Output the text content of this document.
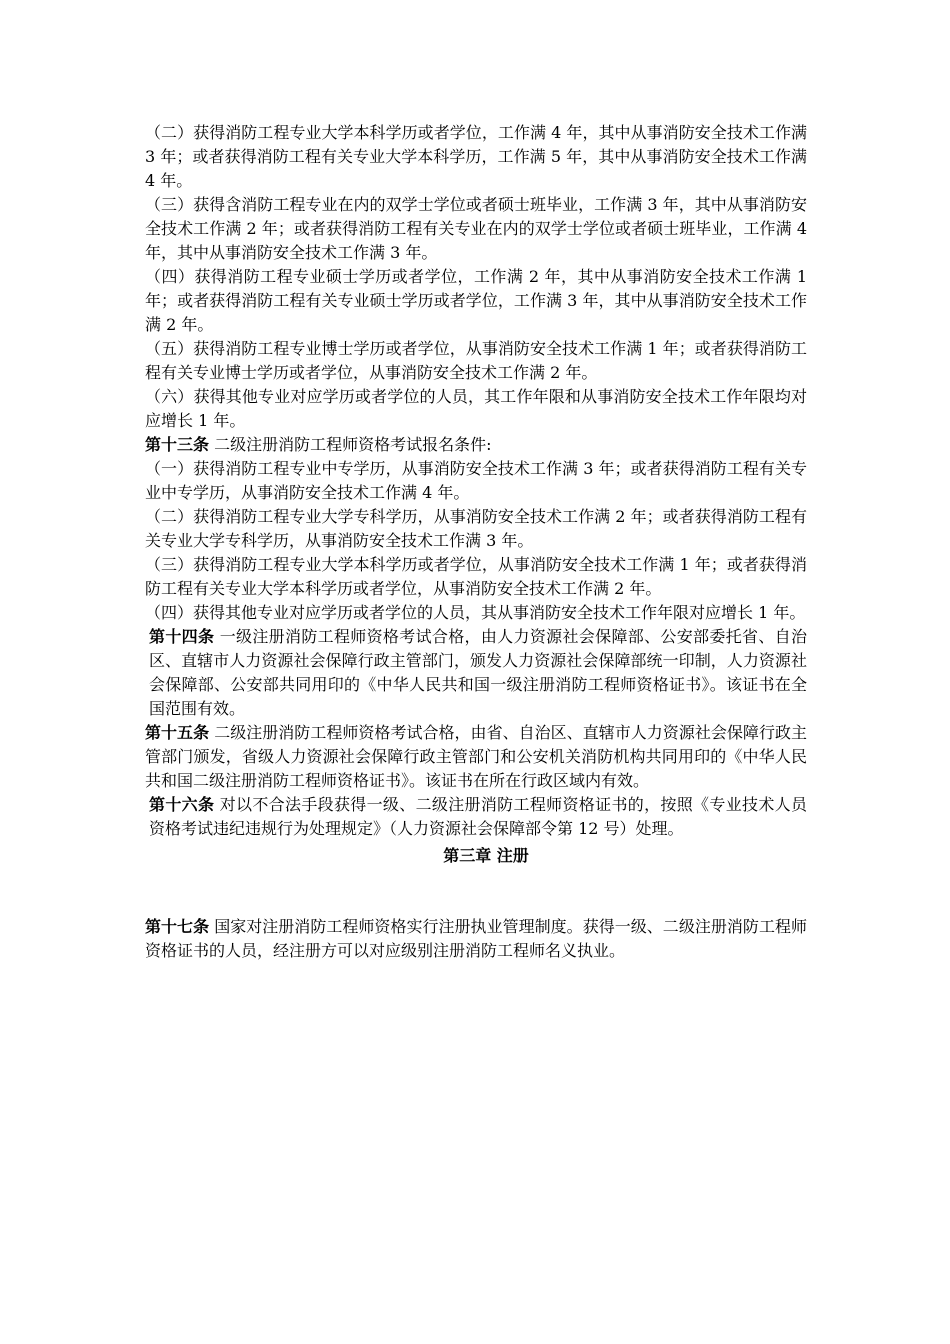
（二）获得消防工程专业大学本科学历或者学位，工作满 4 年，其中从事消防安全技术工作满 3 年；或者获得消防工程有关专业大学本科学历，工作满 5 年，其中从事消防安全技术工作满 4 年。

（三）获得含消防工程专业在内的双学士学位或者硕士班毕业，工作满 3 年，其中从事消防安全技术工作满 2 年；或者获得消防工程有关专业在内的双学士学位或者硕士班毕业，工作满 4 年，其中从事消防安全技术工作满 3 年。

（四）获得消防工程专业硕士学历或者学位，工作满 2 年，其中从事消防安全技术工作满 1 年；或者获得消防工程有关专业硕士学历或者学位，工作满 3 年，其中从事消防安全技术工作满 2 年。

（五）获得消防工程专业博士学历或者学位，从事消防安全技术工作满 1 年；或者获得消防工程有关专业博士学历或者学位，从事消防安全技术工作满 2 年。

（六）获得其他专业对应学历或者学位的人员，其工作年限和从事消防安全技术工作年限均对应增长 1 年。

第十三条 二级注册消防工程师资格考试报名条件:

（一）获得消防工程专业中专学历，从事消防安全技术工作满 3 年；或者获得消防工程有关专业中专学历，从事消防安全技术工作满 4 年。

（二）获得消防工程专业大学专科学历，从事消防安全技术工作满 2 年；或者获得消防工程有关专业大学专科学历，从事消防安全技术工作满 3 年。

（三）获得消防工程专业大学本科学历或者学位，从事消防安全技术工作满 1 年；或者获得消防工程有关专业大学本科学历或者学位，从事消防安全技术工作满 2 年。

（四）获得其他专业对应学历或者学位的人员，其从事消防安全技术工作年限对应增长 1 年。

第十四条 一级注册消防工程师资格考试合格，由人力资源社会保障部、公安部委托省、自治区、直辖市人力资源社会保障行政主管部门，颁发人力资源社会保障部统一印制，人力资源社会保障部、公安部共同用印的《中华人民共和国一级注册消防工程师资格证书》。该证书在全国范围有效。

第十五条 二级注册消防工程师资格考试合格，由省、自治区、直辖市人力资源社会保障行政主管部门颁发，省级人力资源社会保障行政主管部门和公安机关消防机构共同用印的《中华人民共和国二级注册消防工程师资格证书》。该证书在所在行政区域内有效。

第十六条 对以不合法手段获得一级、二级注册消防工程师资格证书的，按照《专业技术人员资格考试违纪违规行为处理规定》（人力资源社会保障部令第 12 号）处理。

第三章 注册

第十七条 国家对注册消防工程师资格实行注册执业管理制度。获得一级、二级注册消防工程师资格证书的人员，经注册方可以对应级别注册消防工程师名义执业。
